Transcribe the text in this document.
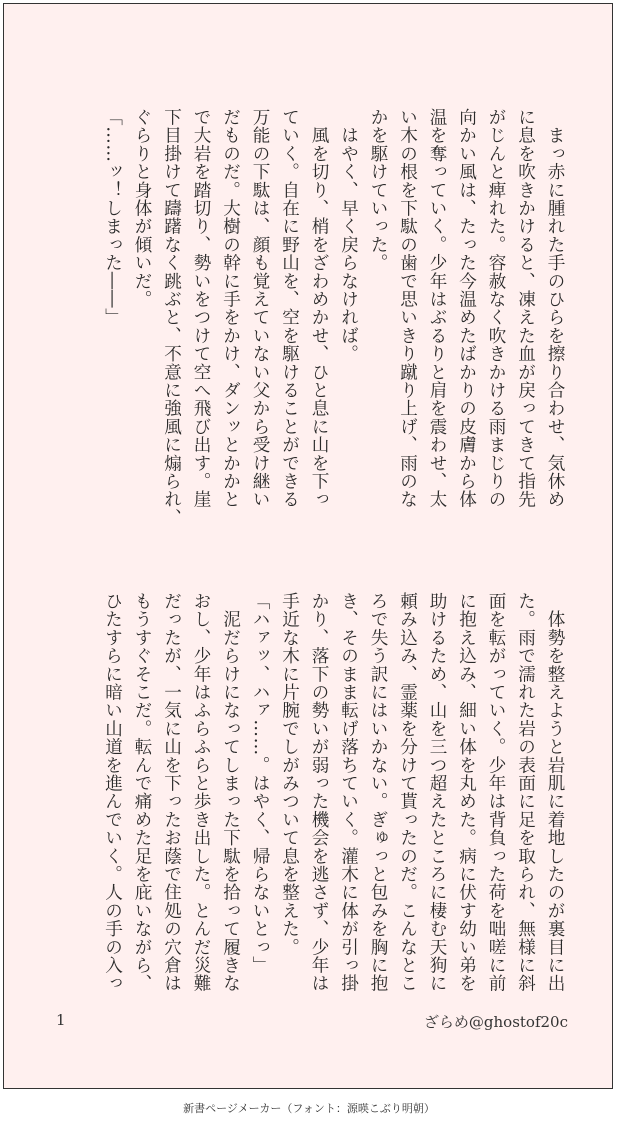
　まっ赤に腫れた手のひらを擦り合わせ、気休め

に息を吹きかけると、凍えた血が戻ってきて指先

がじんと痺れた。容赦なく吹きかける雨まじりの

向かい風は、たった今温めたばかりの皮膚から体

温を奪っていく。少年はぶるりと肩を震わせ、太

い木の根を下駄の歯で思いきり蹴り上げ、雨のな

かを駆けていった。

　はやく、早く戻らなければ。

　風を切り、梢をざわめかせ、ひと息に山を下っ

ていく。自在に野山を、空を駆けることができる

万能の下駄は、顔も覚えていない父から受け継い

だものだ。大樹の幹に手をかけ、ダンッとかかと

で大岩を踏切り、勢いをつけて空へ飛び出す。崖

下目掛けて躊躇なく跳ぶと、不意に強風に煽られ、

ぐらりと身体が傾いだ。

「……ッ！しまった――」

　体勢を整えようと岩肌に着地したのが裏目に出

た。雨で濡れた岩の表面に足を取られ、無様に斜

面を転がっていく。少年は背負った荷を咄嗟に前

に抱え込み、細い体を丸めた。病に伏す幼い弟を

助けるため、山を三つ超えたところに棲む天狗に

頼み込み、霊薬を分けて貰ったのだ。こんなとこ

ろで失う訳にはいかない。ぎゅっと包みを胸に抱

き、そのまま転げ落ちていく。灌木に体が引っ掛

かり、落下の勢いが弱った機会を逃さず、少年は

手近な木に片腕でしがみついて息を整えた。

「ハァッ、ハァ……。はやく、帰らないとっ」

　泥だらけになってしまった下駄を拾って履きな

おし、少年はふらふらと歩き出した。とんだ災難

だったが、一気に山を下ったお蔭で住処の穴倉は

もうすぐそこだ。転んで痛めた足を庇いながら、

ひたすらに暗い山道を進んでいく。人の手の入っ

1	ざらめ@ghostof20c
新書ページメーカー（フォント：源暎こぶり明朝）
